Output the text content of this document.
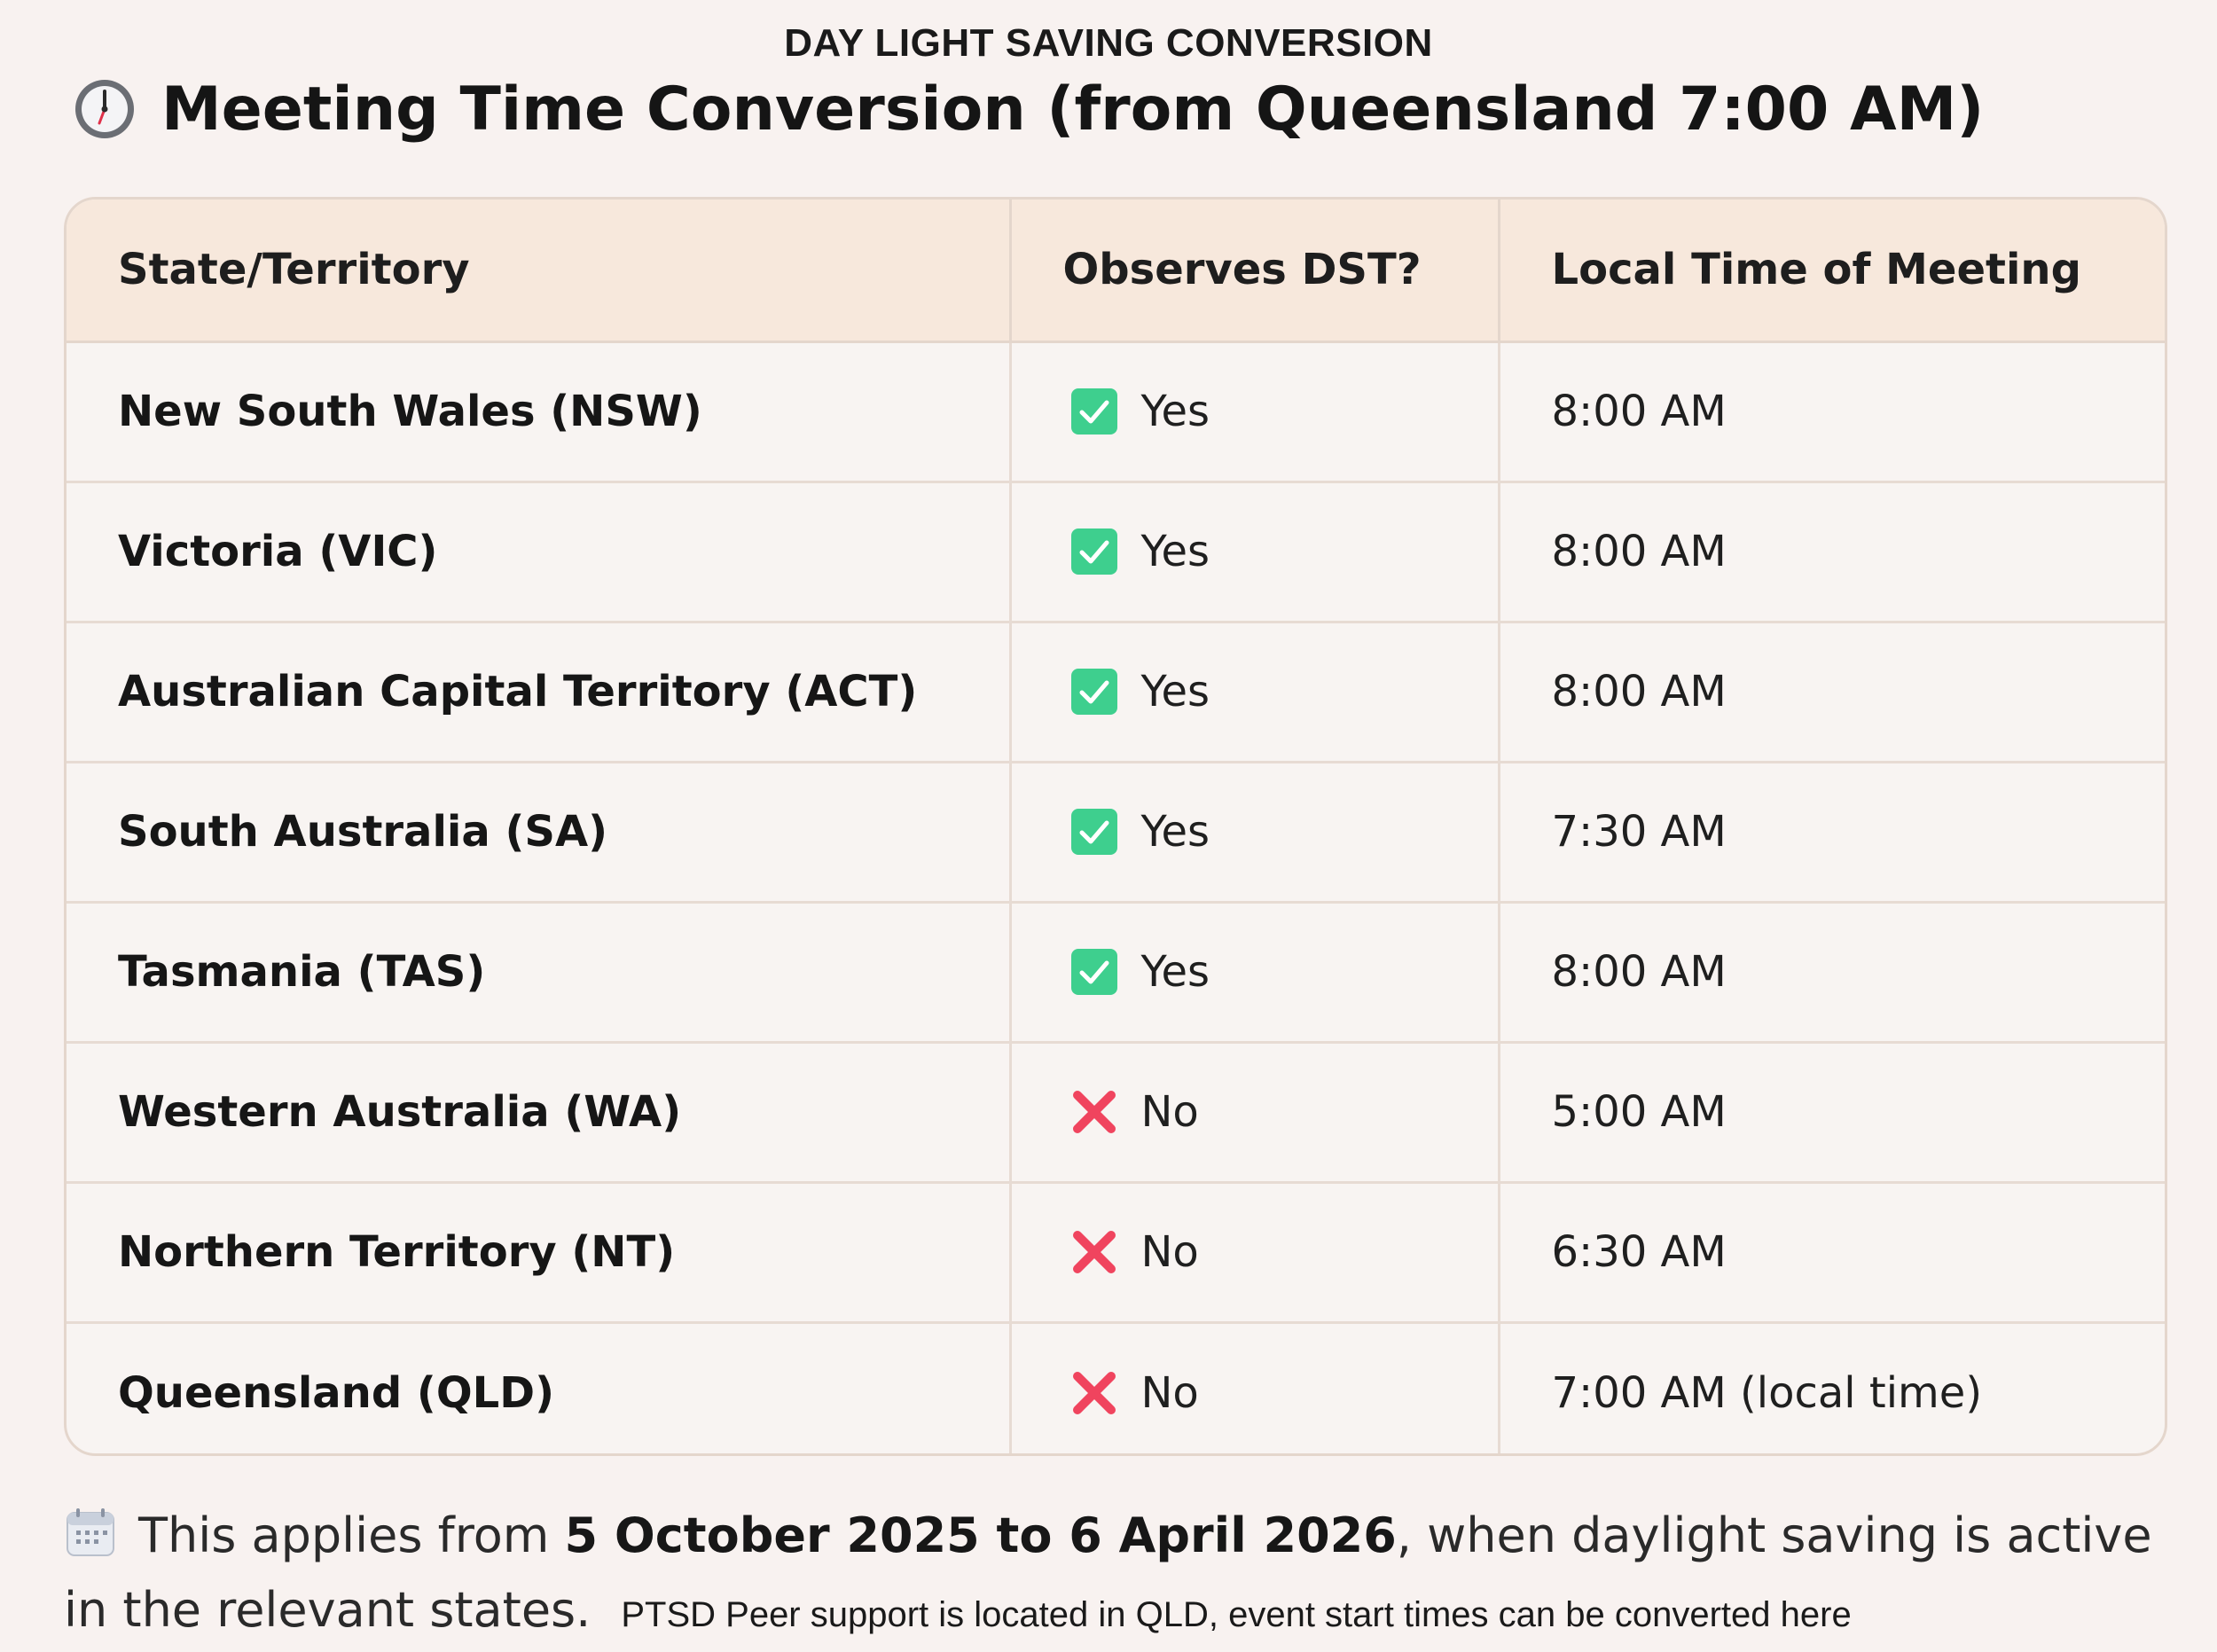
DAY LIGHT SAVING CONVERSION
Meeting Time Conversion (from Queensland 7:00 AM)
State/Territory	Observes DST?	Local Time of Meeting
New South Wales (NSW)	Yes	8:00 AM
Victoria (VIC)	Yes	8:00 AM
Australian Capital Territory (ACT)	Yes	8:00 AM
South Australia (SA)	Yes	7:30 AM
Tasmania (TAS)	Yes	8:00 AM
Western Australia (WA)	No	5:00 AM
Northern Territory (NT)	No	6:30 AM
Queensland (QLD)	No	7:00 AM (local time)
This applies from 5 October 2025 to 6 April 2026, when daylight saving is active in the relevant states. PTSD Peer support is located in QLD, event start times can be converted here
